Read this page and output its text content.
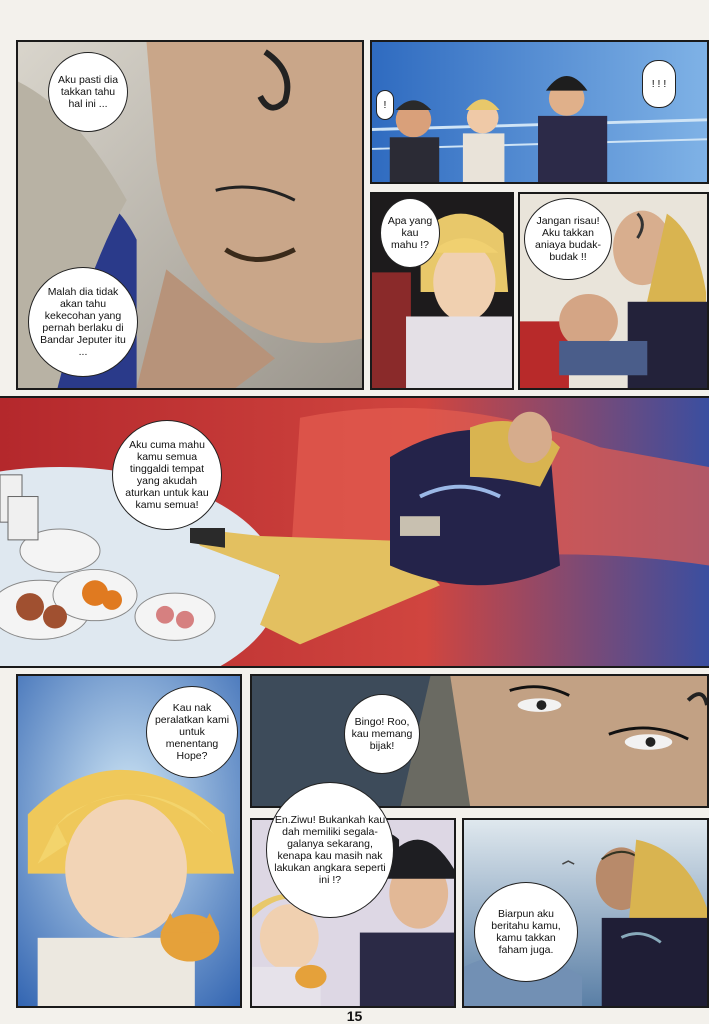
Aku pasti dia takkan tahu hal ini ...
Malah dia tidak akan tahu kekecohan yang pernah berlaku di Bandar Jeputer itu ...
! ! !
!
Apa yang kau mahu !?
Jangan risau! Aku takkan aniaya budak-budak !!
Aku cuma mahu kamu semua tinggaldi tempat yang akudah aturkan untuk kau kamu semua!
Kau nak peralatkan kami untuk menentang Hope?
Bingo! Roo, kau memang bijak!
Biarpun aku beritahu kamu, kamu takkan faham juga.
En.Ziwu! Bukankah kau dah memiliki segala-galanya sekarang, kenapa kau masih nak lakukan angkara seperti ini !?
15
